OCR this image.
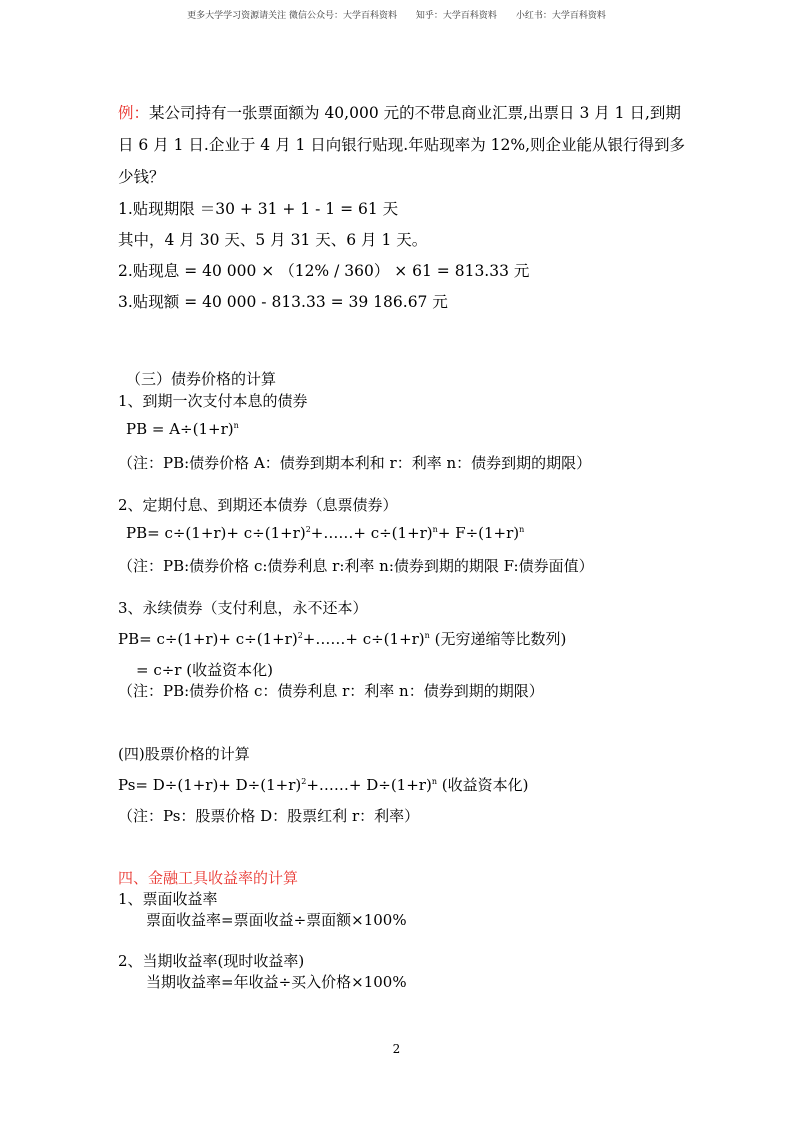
更多大学学习资源请关注 微信公众号：大学百科资料 知乎：大学百科资料 小红书：大学百科资料
例：某公司持有一张票面额为 40,000 元的不带息商业汇票,出票日 3 月 1 日,到期
日 6 月 1 日.企业于 4 月 1 日向银行贴现.年贴现率为 12%,则企业能从银行得到多
少钱？
1.贴现期限 ＝30 + 31 + 1 - 1 = 61 天
其中，4 月 30 天、5 月 31 天、6 月 1 天。
2.贴现息 = 40 000 × （12% / 360） × 61 = 813.33 元
3.贴现额 = 40 000 - 813.33 = 39 186.67 元
（三）债券价格的计算
1、到期一次支付本息的债券
PB = $A\div(1+r)^n$
（注：PB:债券价格 A：债券到期本利和 r：利率 n：债券到期的期限）
2、定期付息、到期还本债券（息票债券）
$PB= c\div(1+r)+ c\div(1+r)^2+\dots\dots+ c\div(1+r)^n+ F\div(1+r)^n$
（注：PB:债券价格 c:债券利息 r:利率 n:债券到期的期限 F:债券面值）
3、永续债券（支付利息，永不还本）
$PB= c\div(1+r)+ c\div(1+r)^2+\dots\dots+ c\div(1+r)^n$ (无穷递缩等比数列)
= c÷r (收益资本化)
（注：PB:债券价格 c：债券利息 r：利率 n：债券到期的期限）
(四)股票价格的计算
$Ps= D\div(1+r)+ D\div(1+r)^2+\dots\dots+ D\div(1+r)^n$ (收益资本化)
（注：Ps：股票价格 D：股票红利 r：利率）
四、金融工具收益率的计算
1、票面收益率
票面收益率=票面收益÷票面额×100%
2、当期收益率(现时收益率)
当期收益率=年收益÷买入价格×100%
2
